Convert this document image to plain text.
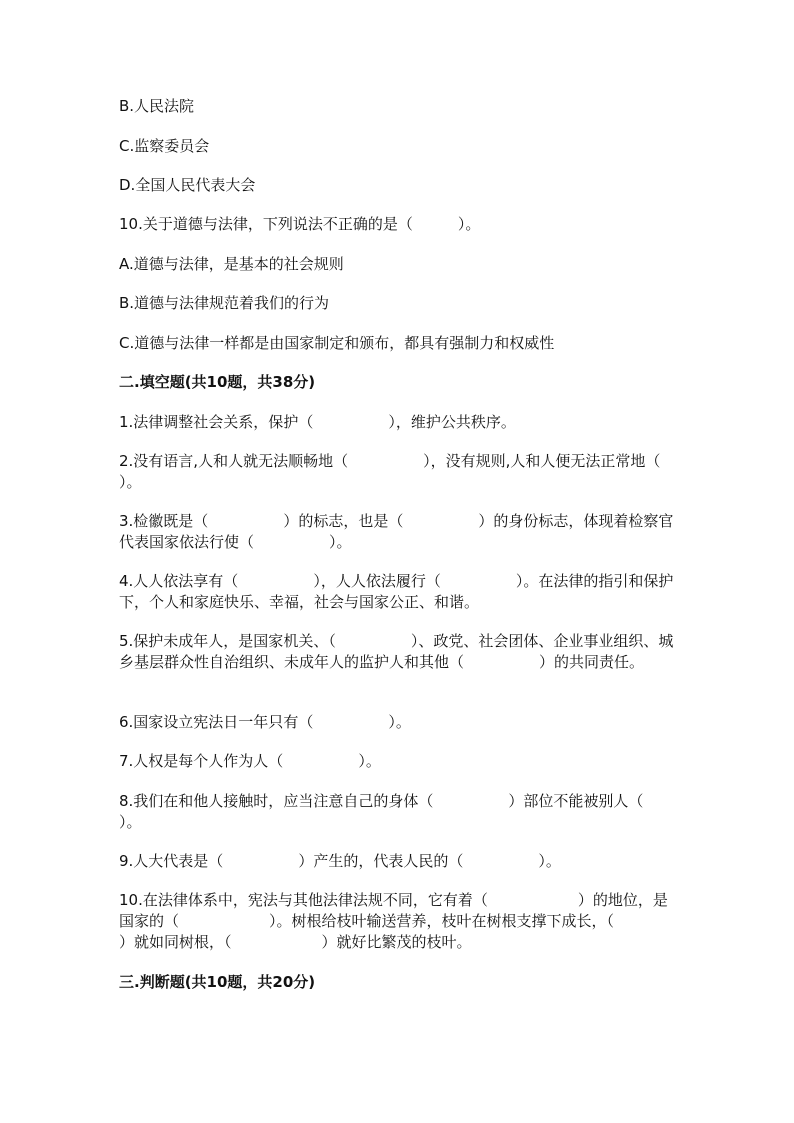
B.人民法院
C.监察委员会
D.全国人民代表大会
10.关于道德与法律，下列说法不正确的是（　　　）。
A.道德与法律，是基本的社会规则
B.道德与法律规范着我们的行为
C.道德与法律一样都是由国家制定和颁布，都具有强制力和权威性
二.填空题(共10题，共38分)
1.法律调整社会关系，保护（　　　　　），维护公共秩序。
2.没有语言,人和人就无法顺畅地（　　　　　），没有规则,人和人便无法正常地（　　　　　）。
3.检徽既是（　　　　　）的标志，也是（　　　　　）的身份标志，体现着检察官代表国家依法行使（　　　　　）。
4.人人依法享有（　　　　　），人人依法履行（　　　　　）。在法律的指引和保护下，个人和家庭快乐、幸福，社会与国家公正、和谐。
5.保护未成年人，是国家机关、（　　　　　）、政党、社会团体、企业事业组织、城乡基层群众性自治组织、未成年人的监护人和其他（　　　　　）的共同责任。
6.国家设立宪法日一年只有（　　　　　）。
7.人权是每个人作为人（　　　　　）。
8.我们在和他人接触时，应当注意自己的身体（　　　　　）部位不能被别人（　　　　　）。
9.人大代表是（　　　　　）产生的，代表人民的（　　　　　）。
10.在法律体系中，宪法与其他法律法规不同，它有着（　　　　　　）的地位，是国家的（　　　　　　）。树根给枝叶输送营养，枝叶在树根支撑下成长，（　　　　　　）就如同树根，（　　　　　　）就好比繁茂的枝叶。
三.判断题(共10题，共20分)
